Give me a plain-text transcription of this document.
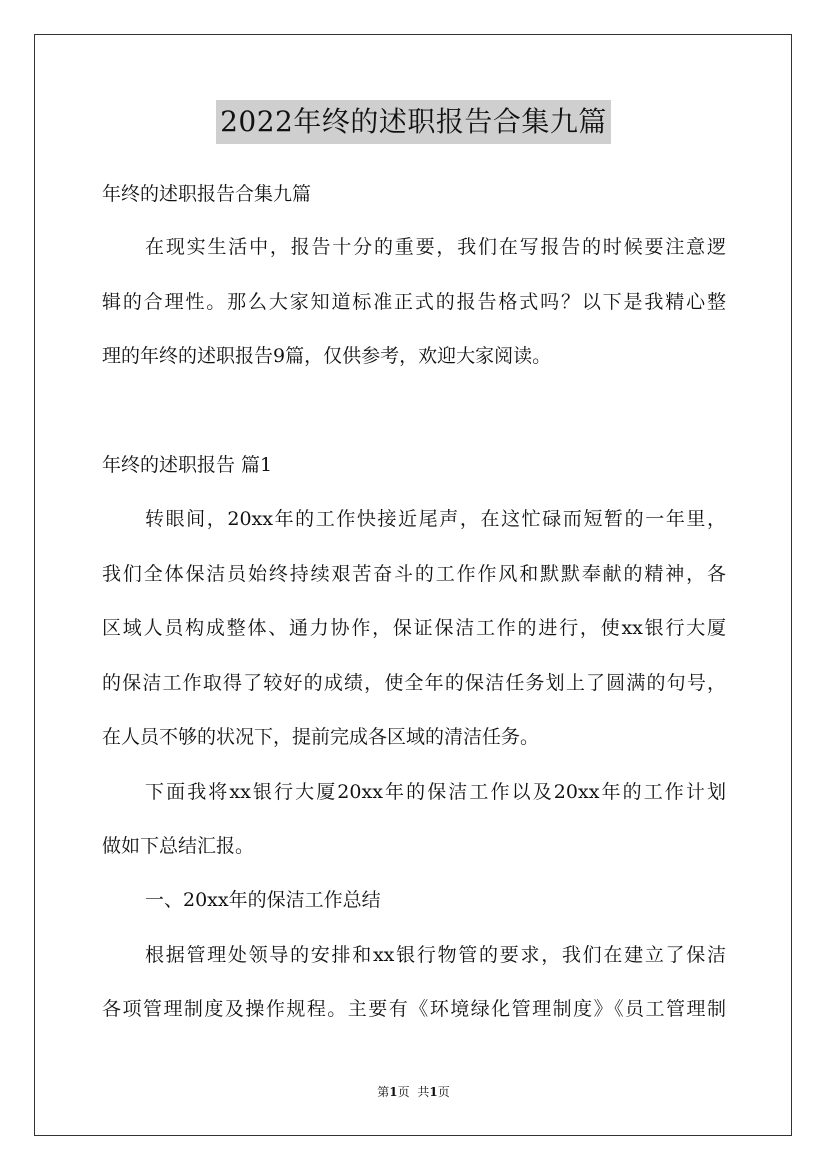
2022年终的述职报告合集九篇
年终的述职报告合集九篇
在现实生活中，报告十分的重要，我们在写报告的时候要注意逻
辑的合理性。那么大家知道标准正式的报告格式吗？以下是我精心整
理的年终的述职报告9篇，仅供参考，欢迎大家阅读。
年终的述职报告 篇1
转眼间，20xx年的工作快接近尾声，在这忙碌而短暂的一年里，
我们全体保洁员始终持续艰苦奋斗的工作作风和默默奉献的精神，各
区域人员构成整体、通力协作，保证保洁工作的进行，使xx银行大厦
的保洁工作取得了较好的成绩，使全年的保洁任务划上了圆满的句号，
在人员不够的状况下，提前完成各区域的清洁任务。
下面我将xx银行大厦20xx年的保洁工作以及20xx年的工作计划
做如下总结汇报。
一、20xx年的保洁工作总结
根据管理处领导的安排和xx银行物管的要求，我们在建立了保洁
各项管理制度及操作规程。主要有《环境绿化管理制度》《员工管理制
第1页 共1页
